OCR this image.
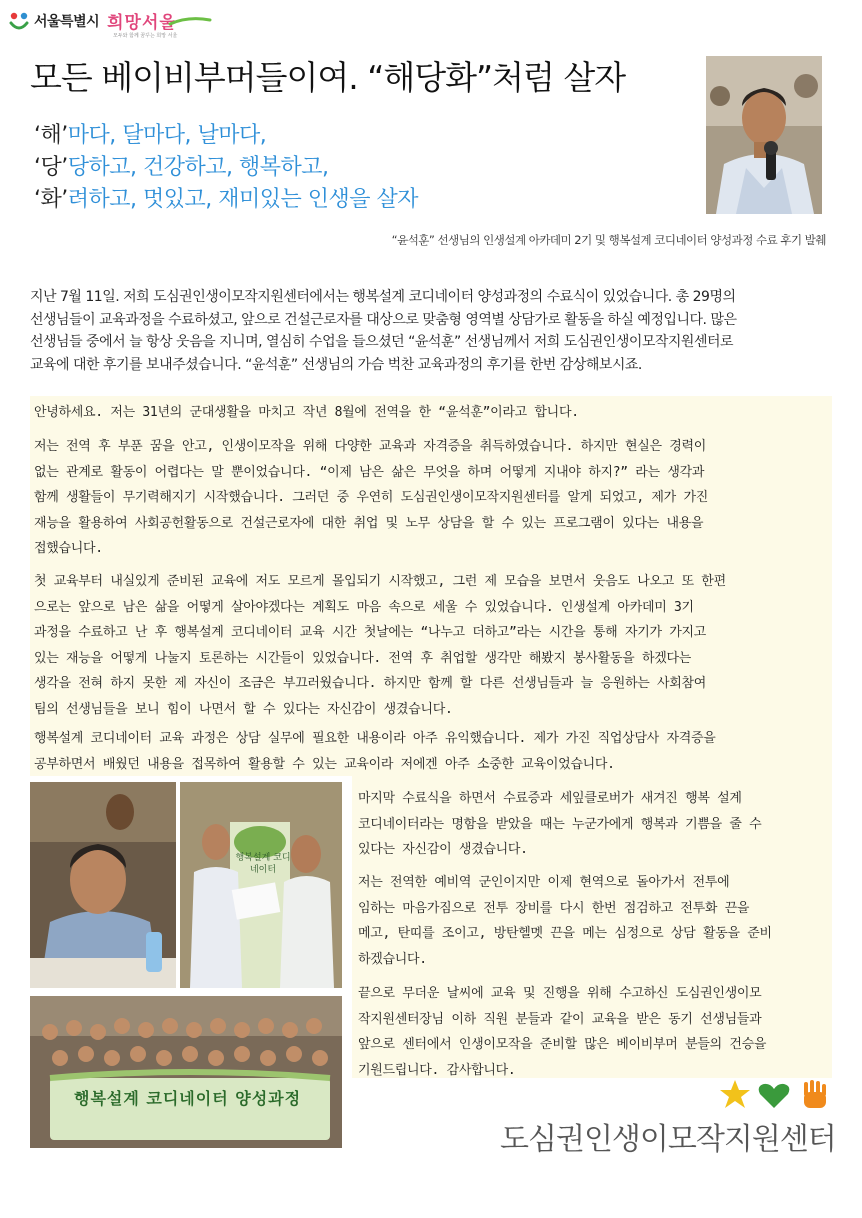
서울특별시 희망서울
모두와 함께 꿈꾸는 희망 서울
모든 베이비부머들이여. “해당화”처럼 살자
‘해’마다, 달마다, 날마다,
‘당’당하고, 건강하고, 행복하고,
‘화’려하고, 멋있고, 재미있는 인생을 살자
“윤석훈” 선생님의 인생설계 아카데미 2기 및 행복설계 코디네이터 양성과정 수료 후기 발췌

지난 7월 11일. 저희 도심권인생이모작지원센터에서는 행복설계 코디네이터 양성과정의 수료식이 있었습니다. 총 29명의

선생님들이 교육과정을 수료하셨고, 앞으로 건설근로자를 대상으로 맞춤형 영역별 상담가로 활동을 하실 예정입니다. 많은

선생님들 중에서 늘 항상 웃음을 지니며, 열심히 수업을 들으셨던 “윤석훈” 선생님께서 저희 도심권인생이모작지원센터로

교육에 대한 후기를 보내주셨습니다. “윤석훈” 선생님의 가슴 벅찬 교육과정의 후기를 한번 감상해보시죠.

안녕하세요. 저는 31년의 군대생활을 마치고 작년 8월에 전역을 한 “윤석훈”이라고 합니다.
저는 전역 후 부푼 꿈을 안고, 인생이모작을 위해 다양한 교육과 자격증을 취득하였습니다. 하지만 현실은 경력이
없는 관계로 활동이 어렵다는 말 뿐이었습니다. “이제 남은 삶은 무엇을 하며 어떻게 지내야 하지?” 라는 생각과
함께 생활들이 무기력해지기 시작했습니다. 그러던 중 우연히 도심권인생이모작지원센터를 알게 되었고, 제가 가진
재능을 활용하여 사회공헌활동으로 건설근로자에 대한 취업 및 노무 상담을 할 수 있는 프로그램이 있다는 내용을
접했습니다.
첫 교육부터 내실있게 준비된 교육에 저도 모르게 몰입되기 시작했고, 그런 제 모습을 보면서 웃음도 나오고 또 한편
으로는 앞으로 남은 삶을 어떻게 살아야겠다는 계획도 마음 속으로 세울 수 있었습니다. 인생설계 아카데미 3기
과정을 수료하고 난 후 행복설계 코디네이터 교육 시간 첫날에는 “나누고 더하고”라는 시간을 통해 자기가 가지고
있는 재능을 어떻게 나눌지 토론하는 시간들이 있었습니다. 전역 후 취업할 생각만 해봤지 봉사활동을 하겠다는
생각을 전혀 하지 못한 제 자신이 조금은 부끄러웠습니다. 하지만 함께 할 다른 선생님들과 늘 응원하는 사회참여
팀의 선생님들을 보니 힘이 나면서 할 수 있다는 자신감이 생겼습니다.
행복설계 코디네이터 교육 과정은 상담 실무에 필요한 내용이라 아주 유익했습니다. 제가 가진 직업상담사 자격증을
공부하면서 배웠던 내용을 접목하여 활용할 수 있는 교육이라 저에겐 아주 소중한 교육이었습니다.
마지막 수료식을 하면서 수료증과 세잎클로버가 새겨진 행복 설계
코디네이터라는 명함을 받았을 때는 누군가에게 행복과 기쁨을 줄 수
있다는 자신감이 생겼습니다.
저는 전역한 예비역 군인이지만 이제 현역으로 돌아가서 전투에
임하는 마음가짐으로 전투 장비를 다시 한번 점검하고 전투화 끈을
메고, 탄띠를 조이고, 방탄헬멧 끈을 메는 심정으로 상담 활동을 준비
하겠습니다.
끝으로 무더운 날씨에 교육 및 진행을 위해 수고하신 도심권인생이모
작지원센터장님 이하 직원 분들과 같이 교육을 받은 동기 선생님들과
앞으로 센터에서 인생이모작을 준비할 많은 베이비부머 분들의 건승을
기원드립니다. 감사합니다.
행복설계 코디네이터
행복설계 코디네이터 양성과정
도심권인생이모작지원센터
